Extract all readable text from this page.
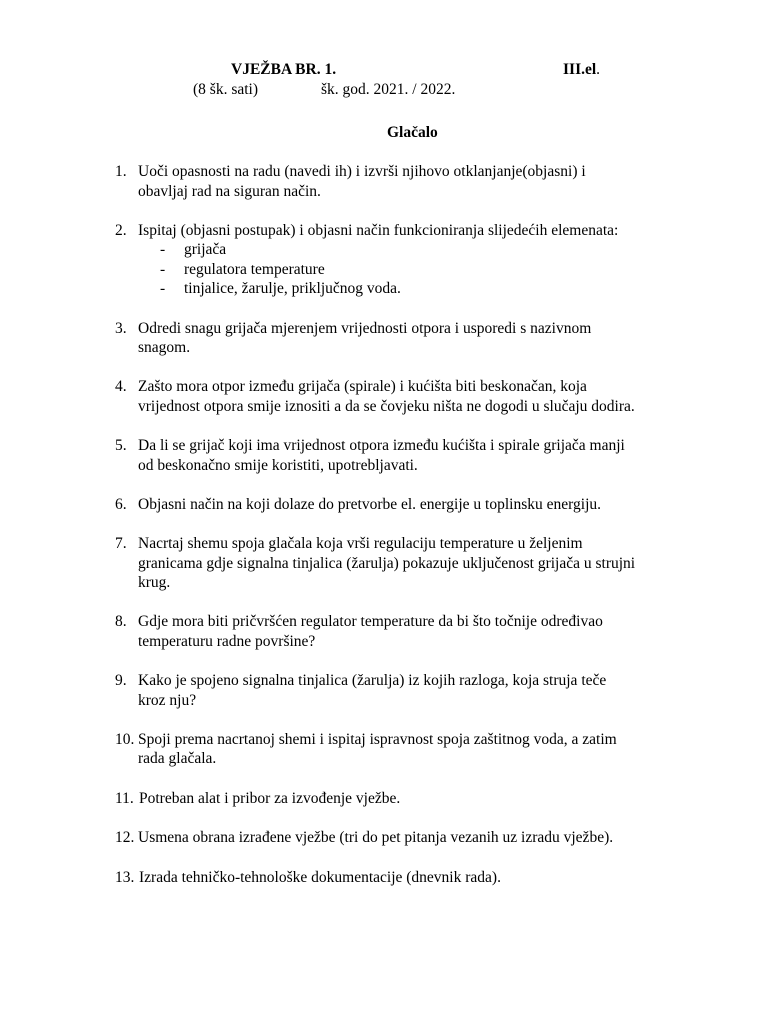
VJEŽBA BR. 1.	III.el.
(8 šk. sati)	šk. god. 2021. / 2022.
Glačalo
1. Uoči opasnosti na radu (navedi ih) i izvrši njihovo otklanjanje(objasni) i
obavljaj rad na siguran način.
2. Ispitaj (objasni postupak) i objasni način funkcioniranja slijedećih elemenata:
- grijača
- regulatora temperature
- tinjalice, žarulje, priključnog voda.
3. Odredi snagu grijača mjerenjem vrijednosti otpora i usporedi s nazivnom
snagom.
4. Zašto mora otpor između grijača (spirale) i kućišta biti beskonačan, koja
vrijednost otpora smije iznositi a da se čovjeku ništa ne dogodi u slučaju dodira.
5. Da li se grijač koji ima vrijednost otpora između kućišta i spirale grijača manji
od beskonačno smije koristiti, upotrebljavati.
6. Objasni način na koji dolaze do pretvorbe el. energije u toplinsku energiju.
7. Nacrtaj shemu spoja glačala koja vrši regulaciju temperature u željenim
granicama gdje signalna tinjalica (žarulja) pokazuje uključenost grijača u strujni
krug.
8. Gdje mora biti pričvršćen regulator temperature da bi što točnije određivao
temperaturu radne površine?
9. Kako je spojeno signalna tinjalica (žarulja) iz kojih razloga, koja struja teče
kroz nju?
10. Spoji prema nacrtanoj shemi i ispitaj ispravnost spoja zaštitnog voda, a zatim
rada glačala.
11. Potreban alat i pribor za izvođenje vježbe.
12. Usmena obrana izrađene vježbe (tri do pet pitanja vezanih uz izradu vježbe).
13. Izrada tehničko-tehnološke dokumentacije (dnevnik rada).
